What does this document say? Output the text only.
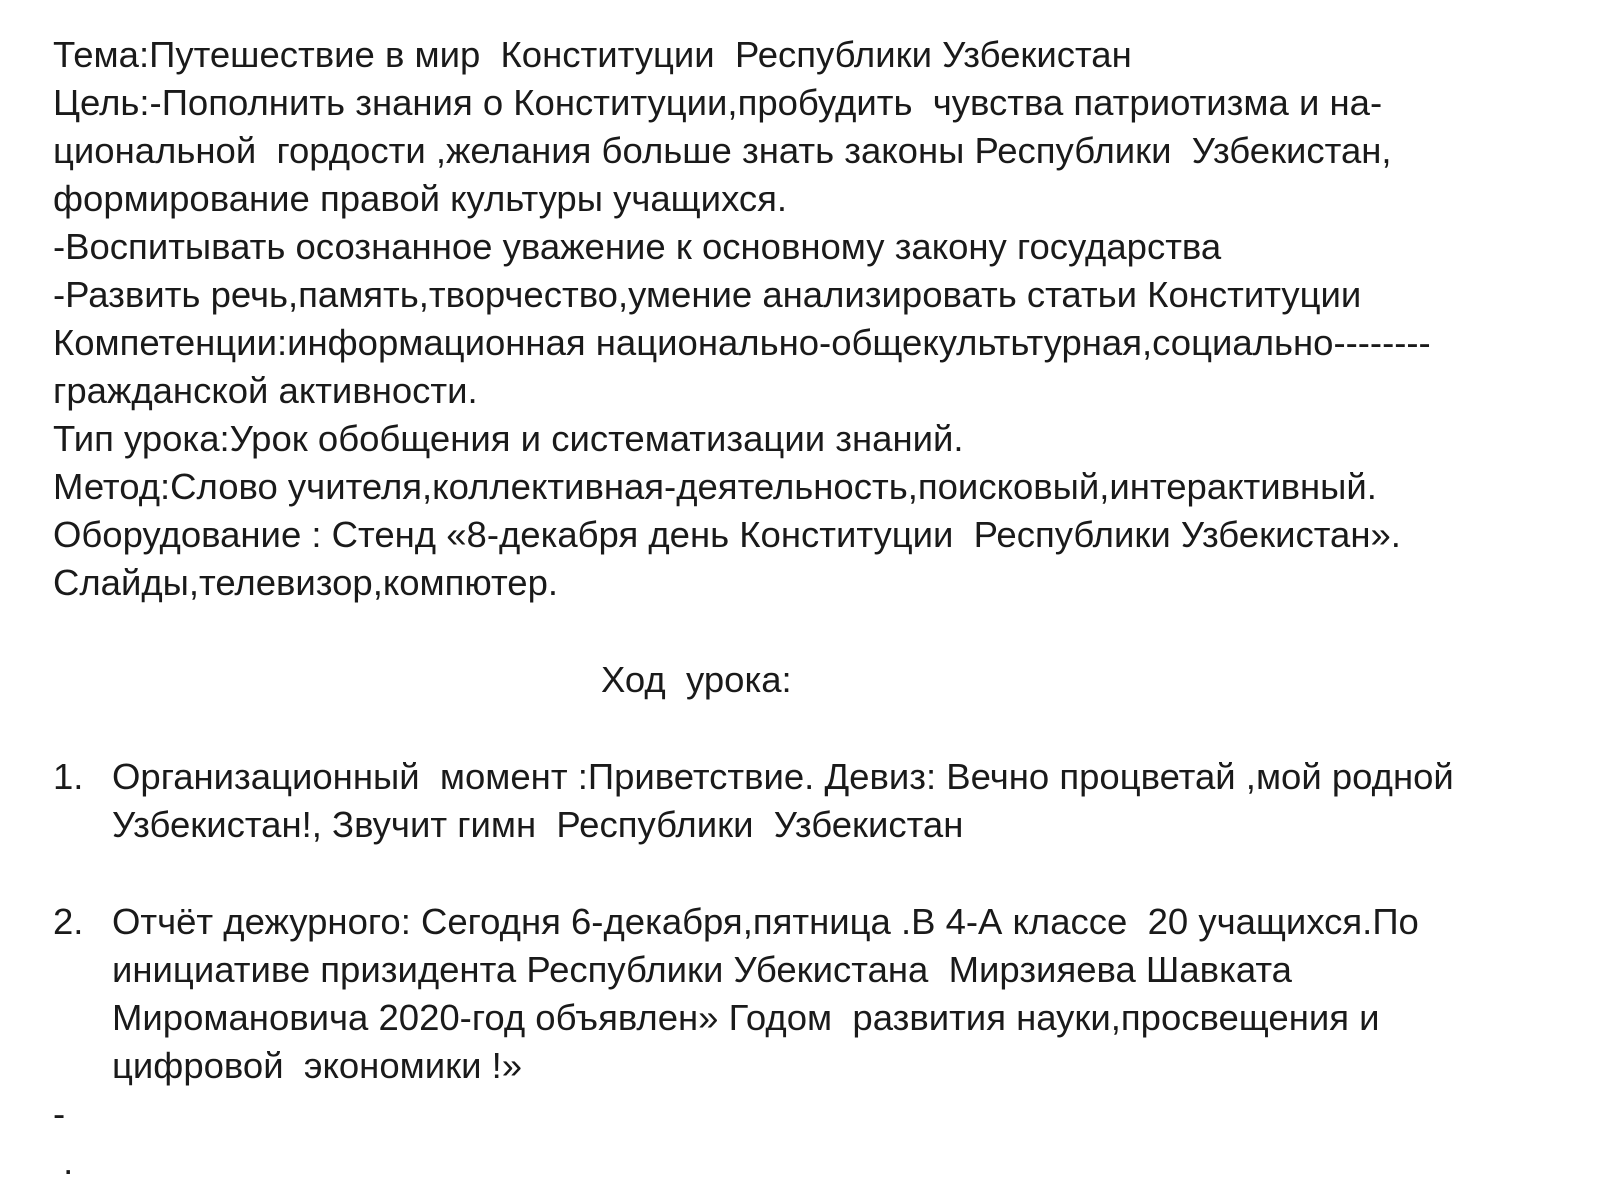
Тема:Путешествие в мир  Конституции  Республики Узбекистан
Цель:-Пополнить знания о Конституции,пробудить  чувства патриотизма и на-
циональной  гордости ,желания больше знать законы Республики  Узбекистан,
формирование правой культуры учащихся.
-Воспитывать осознанное уважение к основному закону государства
-Развить речь,память,творчество,умение анализировать статьи Конституции
Компетенции:информационная национально-общекультьтурная,социально--------
гражданской активности.
Тип урока:Урок обобщения и систематизации знаний.
Метод:Слово учителя,коллективная-деятельность,поисковый,интерактивный.
Оборудование : Стенд «8-декабря день Конституции  Республики Узбекистан».
Слайды,телевизор,компютер.
Ход  урока:
1. Организационный  момент :Приветствие. Девиз: Вечно процветай ,мой родной
Узбекистан!, Звучит гимн  Республики  Узбекистан
2. Отчёт дежурного: Сегодня 6-декабря,пятница .В 4-А классе  20 учащихся.По
инициативе призидента Республики Убекистана  Мирзияева Шавката
Миромановича 2020-год объявлен» Годом  развития науки,просвещения и
цифровой  экономики !»
-
.
